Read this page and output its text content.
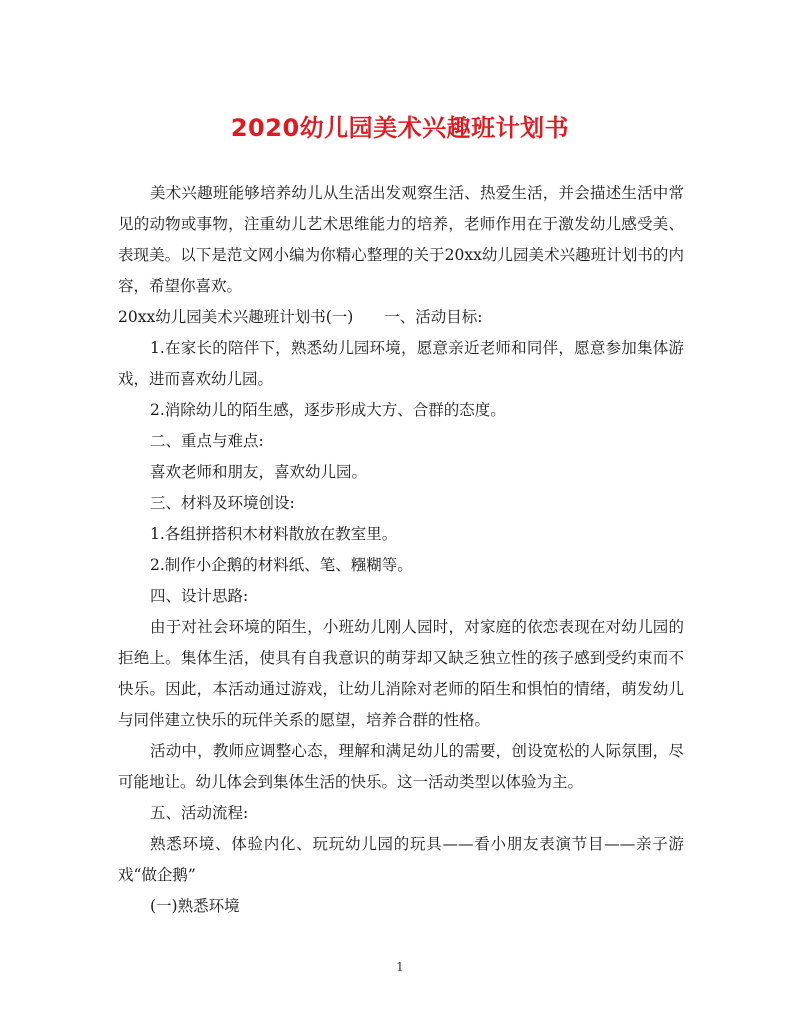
2020幼儿园美术兴趣班计划书

美术兴趣班能够培养幼儿从生活出发观察生活、热爱生活，并会描述生活中常见的动物或事物，注重幼儿艺术思维能力的培养，老师作用在于激发幼儿感受美、表现美。以下是范文网小编为你精心整理的关于20xx幼儿园美术兴趣班计划书的内容，希望你喜欢。

20xx幼儿园美术兴趣班计划书(一)　　一、活动目标:

1.在家长的陪伴下，熟悉幼儿园环境，愿意亲近老师和同伴，愿意参加集体游戏，进而喜欢幼儿园。

2.消除幼儿的陌生感，逐步形成大方、合群的态度。

二、重点与难点:

喜欢老师和朋友，喜欢幼儿园。

三、材料及环境创设:

1.各组拼搭积木材料散放在教室里。

2.制作小企鹅的材料纸、笔、糨糊等。

四、设计思路:

由于对社会环境的陌生，小班幼儿刚人园时，对家庭的依恋表现在对幼儿园的拒绝上。集体生活，使具有自我意识的萌芽却又缺乏独立性的孩子感到受约束而不快乐。因此，本活动通过游戏，让幼儿消除对老师的陌生和惧怕的情绪，萌发幼儿与同伴建立快乐的玩伴关系的愿望，培养合群的性格。

活动中，教师应调整心态，理解和满足幼儿的需要，创设宽松的人际氛围，尽可能地让。幼儿体会到集体生活的快乐。这一活动类型以体验为主。

五、活动流程:

熟悉环境、体验内化、玩玩幼儿园的玩具——看小朋友表演节目——亲子游戏“做企鹅”

(一)熟悉环境

1
